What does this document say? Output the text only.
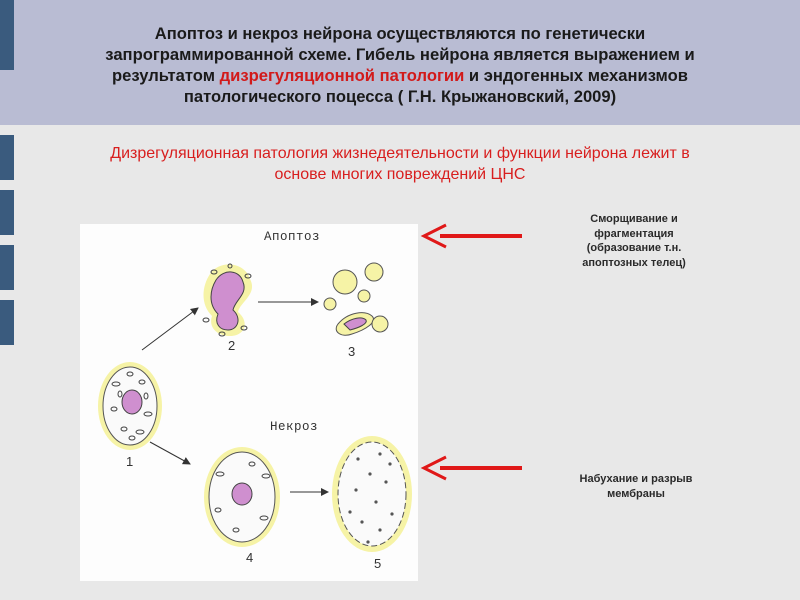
Апоптоз и некроз нейрона осуществляются по генетически
запрограммированной схеме. Гибель нейрона является выражением и
результатом дизрегуляционной патологии и эндогенных механизмов
патологического поцесса ( Г.Н. Крыжановский, 2009)
Дизрегуляционная патология жизнедеятельности и функции нейрона лежит в
основе многих повреждений ЦНС
Апоптоз
Некроз
1
2	3
4	5
Сморщивание и
фрагментация
(образование т.н.
апоптозных телец)
Набухание и разрыв
мембраны
